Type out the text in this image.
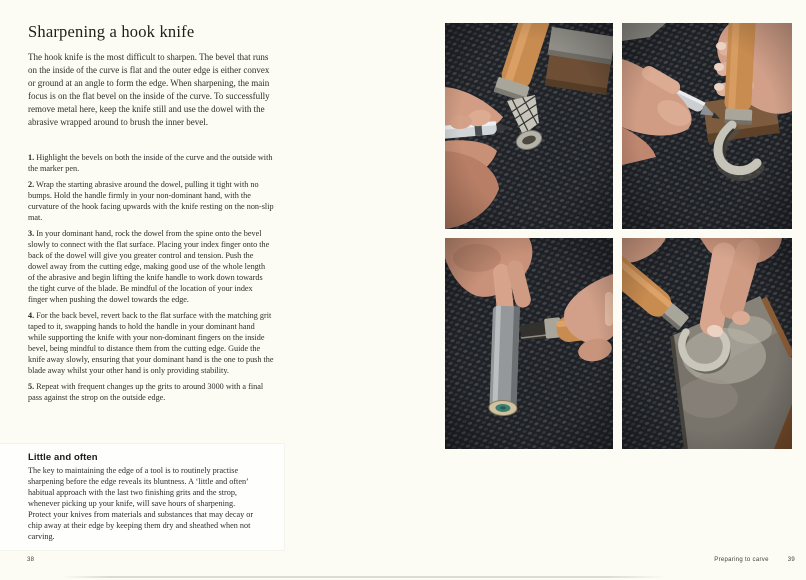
Sharpening a hook knife
The hook knife is the most difficult to sharpen. The bevel that runs on the inside of the curve is flat and the outer edge is either convex or ground at an angle to form the edge. When sharpening, the main focus is on the flat bevel on the inside of the curve. To successfully remove metal here, keep the knife still and use the dowel with the abrasive wrapped around to brush the inner bevel.

1. Highlight the bevels on both the inside of the curve and the outside with the marker pen.

2. Wrap the starting abrasive around the dowel, pulling it tight with no bumps. Hold the handle firmly in your non-dominant hand, with the curvature of the hook facing upwards with the knife resting on the non-slip mat.

3. In your dominant hand, rock the dowel from the spine onto the bevel slowly to connect with the flat surface. Placing your index finger onto the back of the dowel will give you greater control and tension. Push the dowel away from the cutting edge, making good use of the whole length of the abrasive and begin lifting the knife handle to work down towards the tight curve of the blade. Be mindful of the location of your index finger when pushing the dowel towards the edge.

4. For the back bevel, revert back to the flat surface with the matching grit taped to it, swapping hands to hold the handle in your dominant hand while supporting the knife with your non-dominant fingers on the inside bevel, being mindful to distance them from the cutting edge. Guide the knife away slowly, ensuring that your dominant hand is the one to push the blade away whilst your other hand is only providing stability.

5. Repeat with frequent changes up the grits to around 3000 with a final pass against the strop on the outside edge.

Little and often
The key to maintaining the edge of a tool is to routinely practise sharpening before the edge reveals its bluntness. A ‘little and often’ habitual approach with the last two finishing grits and the strop, whenever picking up your knife, will save hours of sharpening. Protect your knives from materials and substances that may decay or chip away at their edge by keeping them dry and sheathed when not carving.
38	Preparing to carve	39
